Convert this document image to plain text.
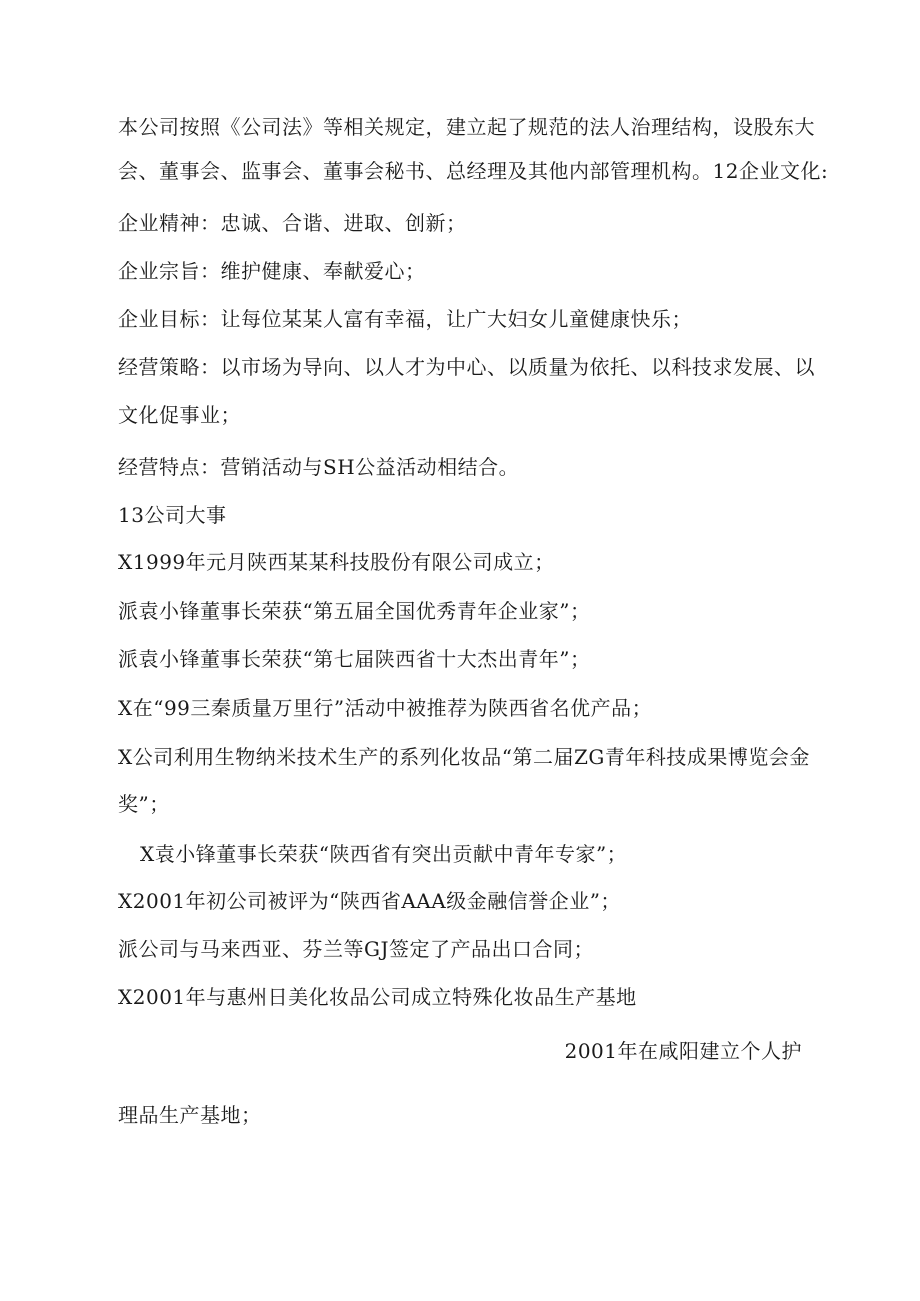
本公司按照《公司法》等相关规定，建立起了规范的法人治理结构，设股东大
会、董事会、监事会、董事会秘书、总经理及其他内部管理机构。12企业文化:
企业精神：忠诚、合谐、进取、创新；
企业宗旨：维护健康、奉献爱心；
企业目标：让每位某某人富有幸福，让广大妇女儿童健康快乐；
经营策略：以市场为导向、以人才为中心、以质量为依托、以科技求发展、以
文化促事业；
经营特点：营销活动与SH公益活动相结合。
13公司大事
X1999年元月陕西某某科技股份有限公司成立；
派袁小锋董事长荣获“第五届全国优秀青年企业家”；
派袁小锋董事长荣获“第七届陕西省十大杰出青年”；
X在“99三秦质量万里行”活动中被推荐为陕西省名优产品；
X公司利用生物纳米技术生产的系列化妆品“第二届ZG青年科技成果博览会金
奖”；
X袁小锋董事长荣获“陕西省有突出贡献中青年专家”；
X2001年初公司被评为“陕西省AAA级金融信誉企业”；
派公司与马来西亚、芬兰等GJ签定了产品出口合同；
X2001年与惠州日美化妆品公司成立特殊化妆品生产基地
2001年在咸阳建立个人护
理品生产基地；
